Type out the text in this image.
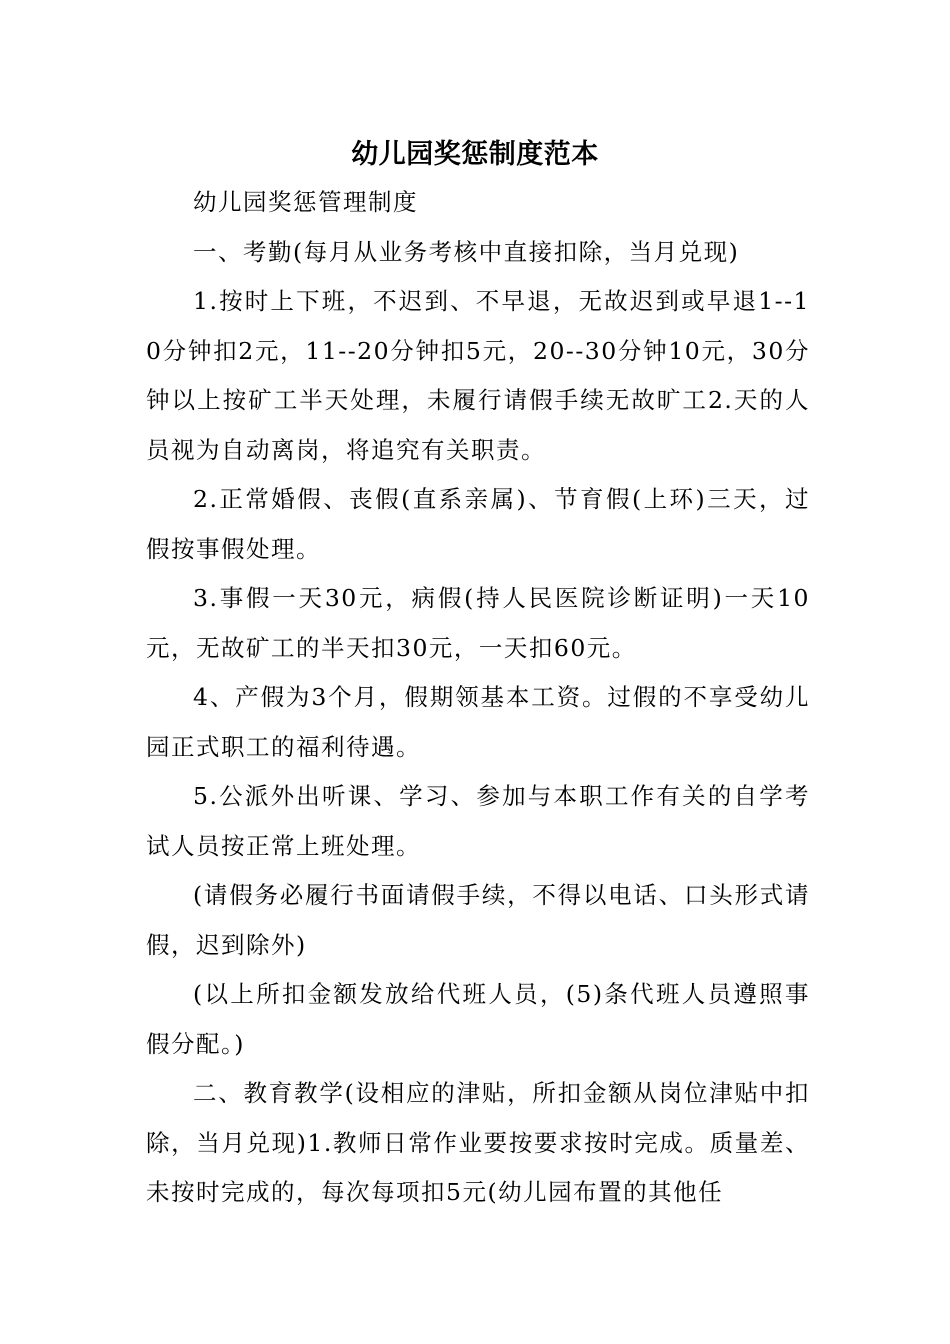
幼儿园奖惩制度范本

幼儿园奖惩管理制度

一、考勤(每月从业务考核中直接扣除，当月兑现)

1.按时上下班，不迟到、不早退，无故迟到或早退1--10分钟扣2元，11--20分钟扣5元，20--30分钟10元，30分钟以上按矿工半天处理，未履行请假手续无故旷工2.天的人员视为自动离岗，将追究有关职责。

2.正常婚假、丧假(直系亲属)、节育假(上环)三天，过假按事假处理。

3.事假一天30元，病假(持人民医院诊断证明)一天10元，无故矿工的半天扣30元，一天扣60元。

4、产假为3个月，假期领基本工资。过假的不享受幼儿园正式职工的福利待遇。

5.公派外出听课、学习、参加与本职工作有关的自学考试人员按正常上班处理。

(请假务必履行书面请假手续，不得以电话、口头形式请假，迟到除外)

(以上所扣金额发放给代班人员，(5)条代班人员遵照事假分配。)

二、教育教学(设相应的津贴，所扣金额从岗位津贴中扣除，当月兑现)1.教师日常作业要按要求按时完成。质量差、未按时完成的，每次每项扣5元(幼儿园布置的其他任
